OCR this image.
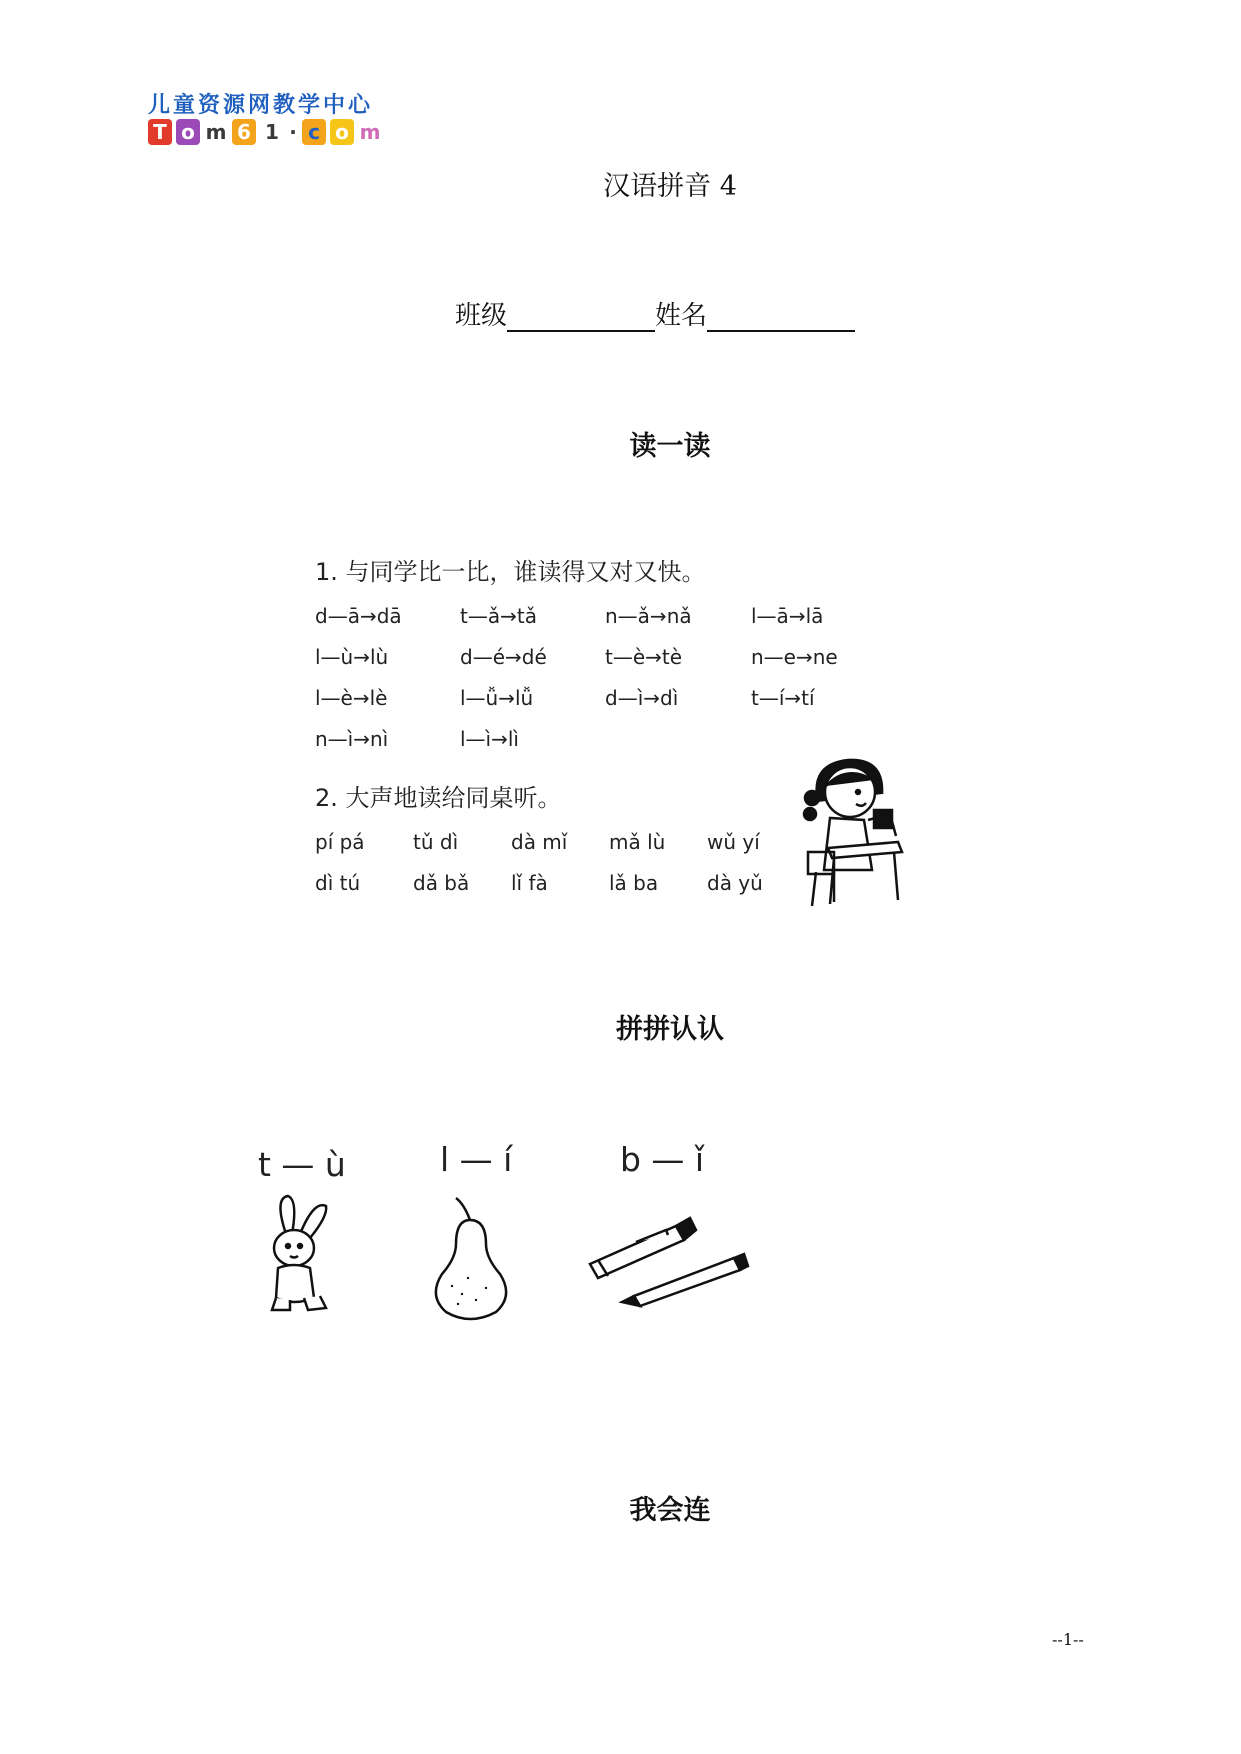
儿童资源网教学中心
T o m 6 1 · c o m
汉语拼音 4
班级	姓名
读一读
1. 与同学比一比，谁读得又对又快。
d—ā→dā	t—ǎ→tǎ	n—ǎ→nǎ	l—ā→lā
l—ù→lù	d—é→dé	t—è→tè	n—e→ne
l—è→lè	l—ǚ→lǚ	d—ì→dì	t—í→tí
n—ì→nì	l—ì→lì
2. 大声地读给同桌听。
pí pá	tǔ dì	dà mǐ	mǎ lù	wǔ yí
dì tú	dǎ bǎ	lǐ fà	lǎ ba	dà yǔ
拼拼认认
t — ù	l — í	b — ǐ
我会连
--1--
